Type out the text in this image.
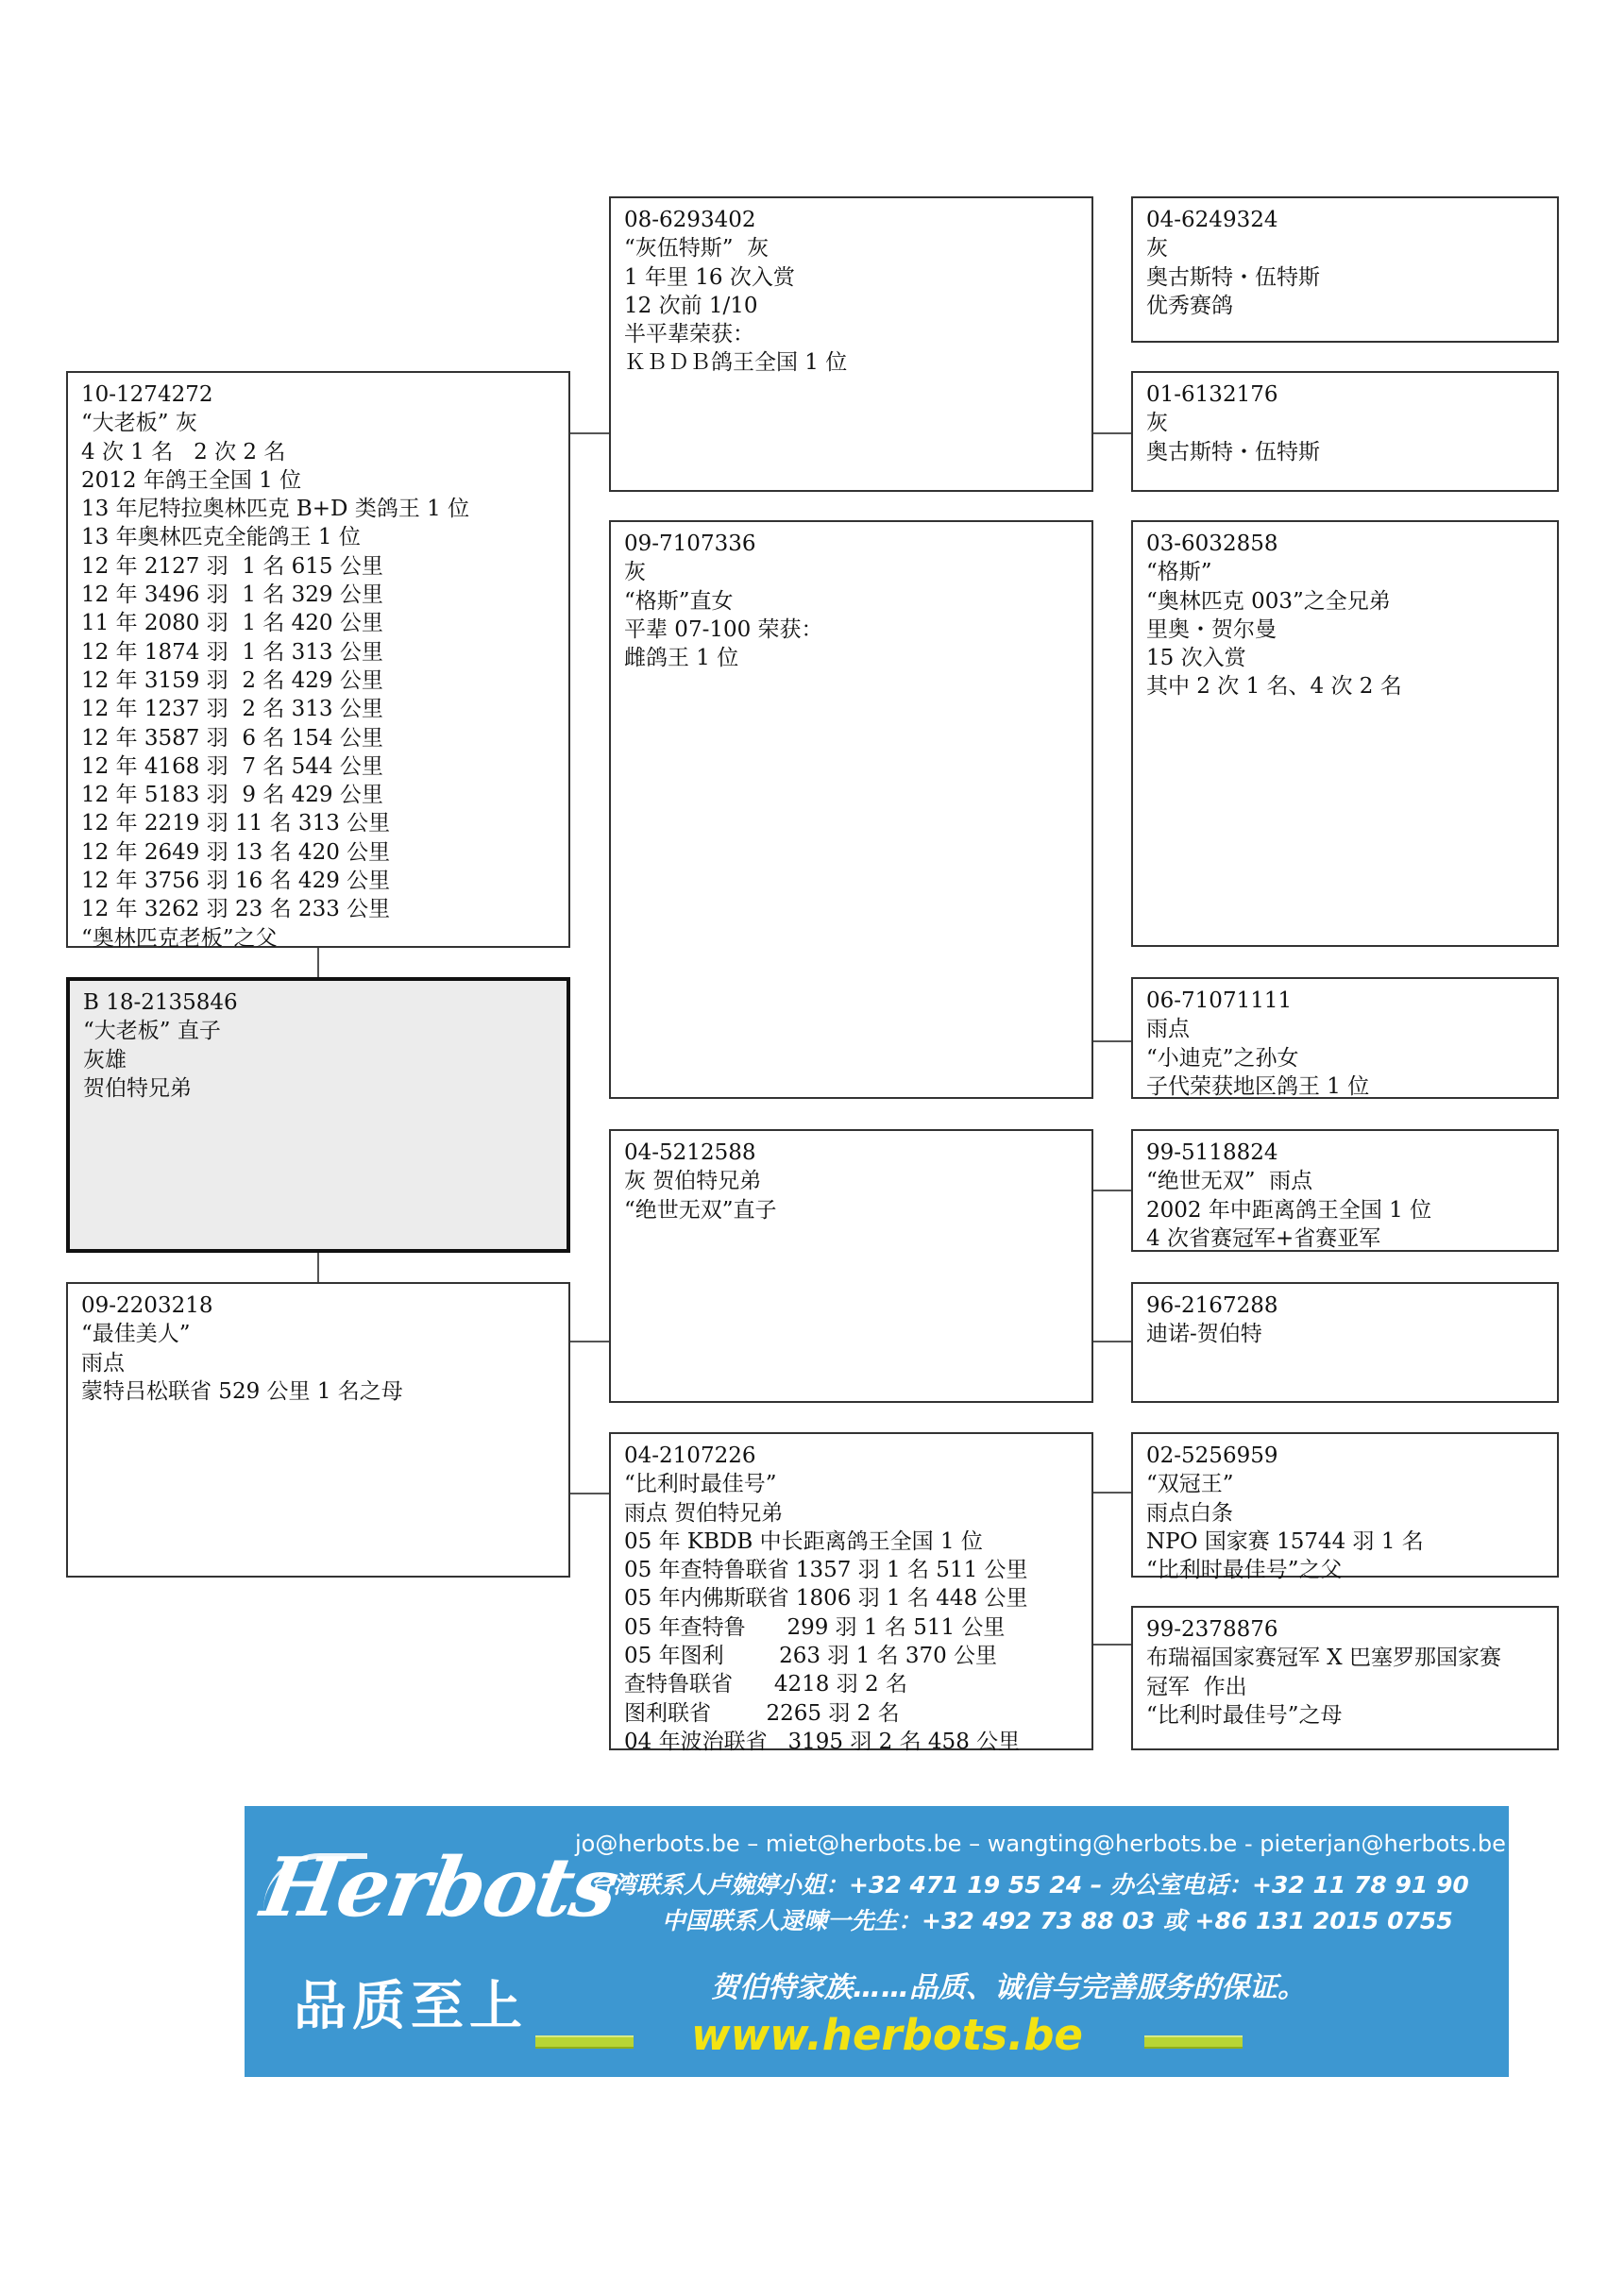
10-1274272
“大老板” 灰
4 次 1 名   2 次 2 名
2012 年鸽王全国 1 位
13 年尼特拉奥林匹克 B+D 类鸽王 1 位
13 年奥林匹克全能鸽王 1 位
12 年 2127 羽  1 名 615 公里
12 年 3496 羽  1 名 329 公里
11 年 2080 羽  1 名 420 公里
12 年 1874 羽  1 名 313 公里
12 年 3159 羽  2 名 429 公里
12 年 1237 羽  2 名 313 公里
12 年 3587 羽  6 名 154 公里
12 年 4168 羽  7 名 544 公里
12 年 5183 羽  9 名 429 公里
12 年 2219 羽 11 名 313 公里
12 年 2649 羽 13 名 420 公里
12 年 3756 羽 16 名 429 公里
12 年 3262 羽 23 名 233 公里
“奥林匹克老板”之父
B 18-2135846
“大老板” 直子
灰雄
贺伯特兄弟
09-2203218
“最佳美人”
雨点
蒙特吕松联省 529 公里 1 名之母
08-6293402
“灰伍特斯”  灰
1 年里 16 次入赏
12 次前 1/10
半平辈荣获：
ＫＢＤＢ鸽王全国 1 位
09-7107336
灰
“格斯”直女
平辈 07-100 荣获：
雌鸽王 1 位
04-5212588
灰 贺伯特兄弟
“绝世无双”直子
04-2107226
“比利时最佳号”
雨点 贺伯特兄弟
05 年 KBDB 中长距离鸽王全国 1 位
05 年查特鲁联省 1357 羽 1 名 511 公里
05 年内佛斯联省 1806 羽 1 名 448 公里
05 年查特鲁      299 羽 1 名 511 公里
05 年图利        263 羽 1 名 370 公里
查特鲁联省      4218 羽 2 名
图利联省        2265 羽 2 名
04 年波治联省   3195 羽 2 名 458 公里
04-6249324
灰
奥古斯特・伍特斯
优秀赛鸽
01-6132176
灰
奥古斯特・伍特斯
03-6032858
“格斯”
“奥林匹克 003”之全兄弟
里奥・贺尔曼
15 次入赏
其中 2 次 1 名、4 次 2 名
06-71071111
雨点
“小迪克”之孙女
子代荣获地区鸽王 1 位
99-5118824
“绝世无双”  雨点
2002 年中距离鸽王全国 1 位
4 次省赛冠军+省赛亚军
96-2167288
迪诺-贺伯特
02-5256959
“双冠王”
雨点白条
NPO 国家赛 15744 羽 1 名
“比利时最佳号”之父
99-2378876
布瑞福国家赛冠军 X 巴塞罗那国家赛
冠军  作出
“比利时最佳号”之母
Herbots
品质至上
jo@herbots.be – miet@herbots.be – wangting@herbots.be - pieterjan@herbots.be
台湾联系人卢婉婷小姐：+32 471 19 55 24 – 办公室电话：+32 11 78 91 90
中国联系人逯暕一先生：+32 492 73 88 03 或 +86 131 2015 0755
贺伯特家族……品质、诚信与完善服务的保证。
www.herbots.be
